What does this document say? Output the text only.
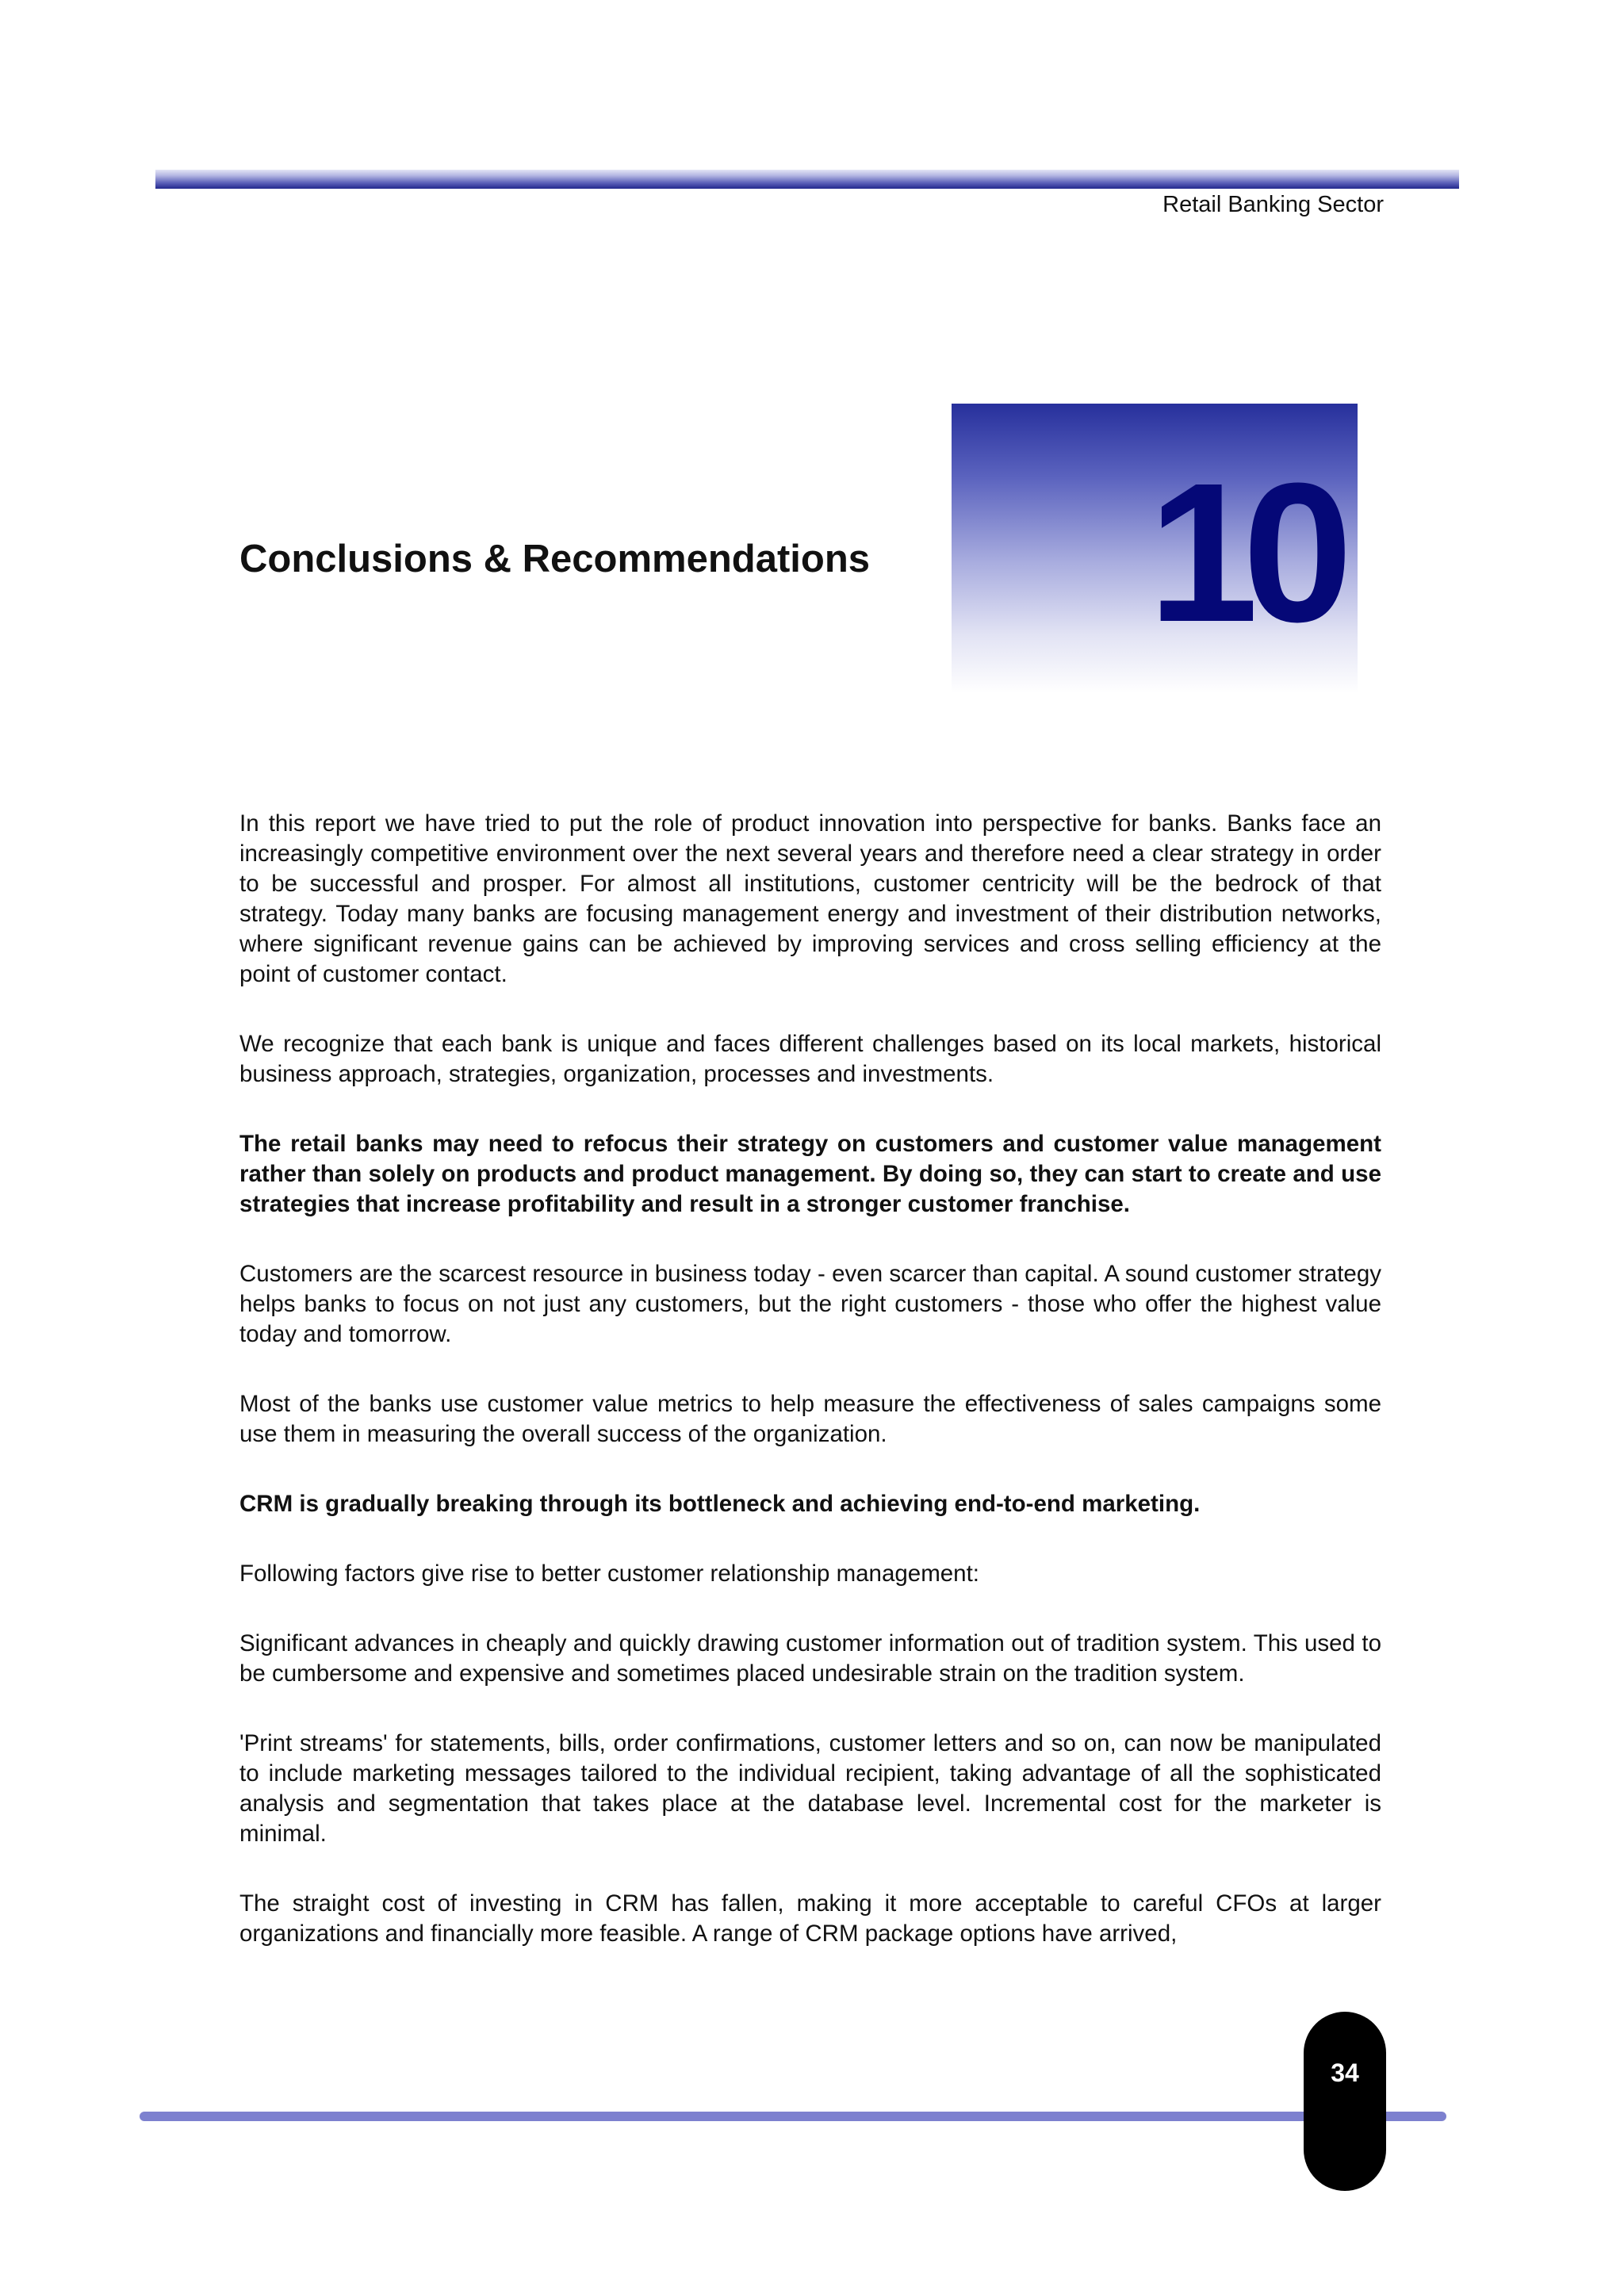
Retail Banking Sector
Conclusions & Recommendations 10

In this report we have tried to put the role of product innovation into perspective for banks. Banks face an increasingly competitive environment over the next several years and therefore need a clear strategy in order to be successful and prosper. For almost all institutions, customer centricity will be the bedrock of that strategy. Today many banks are focusing management energy and investment of their distribution networks, where significant revenue gains can be achieved by improving services and cross selling efficiency at the point of customer contact.

We recognize that each bank is unique and faces different challenges based on its local markets, historical business approach, strategies, organization, processes and investments.

The retail banks may need to refocus their strategy on customers and customer value management rather than solely on products and product management. By doing so, they can start to create and use strategies that increase profitability and result in a stronger customer franchise.

Customers are the scarcest resource in business today - even scarcer than capital. A sound customer strategy helps banks to focus on not just any customers, but the right customers - those who offer the highest value today and tomorrow.

Most of the banks use customer value metrics to help measure the effectiveness of sales campaigns some use them in measuring the overall success of the organization.

CRM is gradually breaking through its bottleneck and achieving end-to-end marketing.

Following factors give rise to better customer relationship management:

Significant advances in cheaply and quickly drawing customer information out of tradition system. This used to be cumbersome and expensive and sometimes placed undesirable strain on the tradition system.

'Print streams' for statements, bills, order confirmations, customer letters and so on, can now be manipulated to include marketing messages tailored to the individual recipient, taking advantage of all the sophisticated analysis and segmentation that takes place at the database level. Incremental cost for the marketer is minimal.

The straight cost of investing in CRM has fallen, making it more acceptable to careful CFOs at larger organizations and financially more feasible. A range of CRM package options have arrived,

34
